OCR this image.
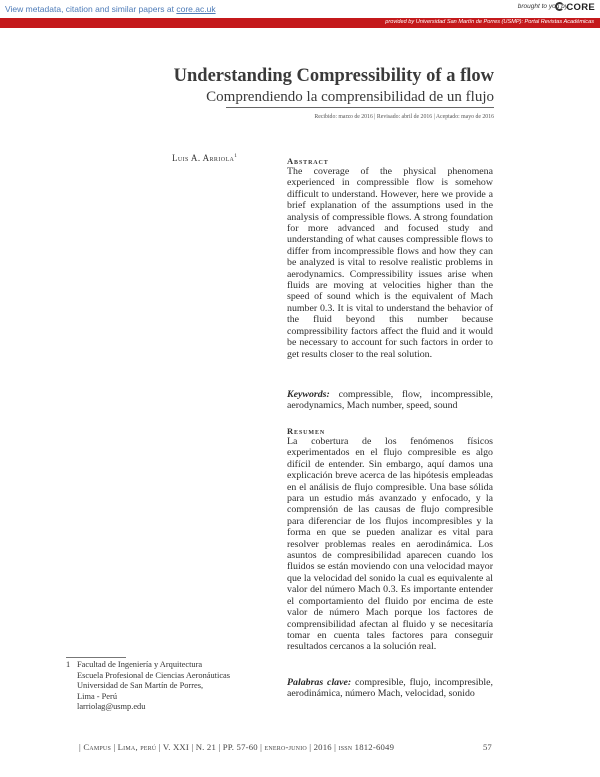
View metadata, citation and similar papers at core.ac.uk	brought to you by
CORE
provided by Universidad San Martín de Porres (USMP): Portal Revistas Académicas
Understanding Compressibility of a flow
Comprendiendo la comprensibilidad de un flujo
Recibido: marzo de 2016 | Revisado: abril de 2016 | Aceptado: mayo de 2016
Luis A. Arriola$^1$	Abstract

The coverage of the physical phenomena experienced in compressible flow is somehow difficult to understand. However, here we provide a brief explanation of the assumptions used in the analysis of compressible flows. A strong foundation for more advanced and focused study and understanding of what causes compressible flows to differ from incompressible flows and how they can be analyzed is vital to resolve realistic problems in aerodynamics. Compressibility issues arise when fluids are moving at velocities higher than the speed of sound which is the equivalent of Mach number 0.3. It is vital to understand the behavior of the fluid beyond this number because compressibility factors affect the fluid and it would be necessary to account for such factors in order to get results closer to the real solution.

Keywords: compressible, flow, incompressible, aerodynamics, Mach number, speed, sound
Resumen

La cobertura de los fenómenos físicos experimentados en el flujo compresible es algo difícil de entender. Sin embargo, aquí damos una explicación breve acerca de las hipótesis empleadas en el análisis de flujo compresible. Una base sólida para un estudio más avanzado y enfocado, y la comprensión de las causas de flujo compresible para diferenciar de los flujos incompresibles y la forma en que se pueden analizar es vital para resolver problemas reales en aerodinámica. Los asuntos de compresibilidad aparecen cuando los fluidos se están moviendo con una velocidad mayor que la velocidad del sonido la cual es equivalente al valor del número Mach 0.3. Es importante entender el comportamiento del fluido por encima de este valor de número Mach porque los factores de comprensibilidad afectan al fluido y se necesitaría tomar en cuenta tales factores para conseguir resultados cercanos a la solución real.

Palabras clave: compresible, flujo, incompresible, aerodinámica, número Mach, velocidad, sonido
1 Facultad de Ingeniería y Arquitectura
Escuela Profesional de Ciencias Aeronáuticas
Universidad de San Martín de Porres,
Lima - Perú
larriolag@usmp.edu
| Campus | Lima, perú | V. XXI | N. 21 | PP. 57-60 | enero-junio | 2016 | issn 1812-6049	57
